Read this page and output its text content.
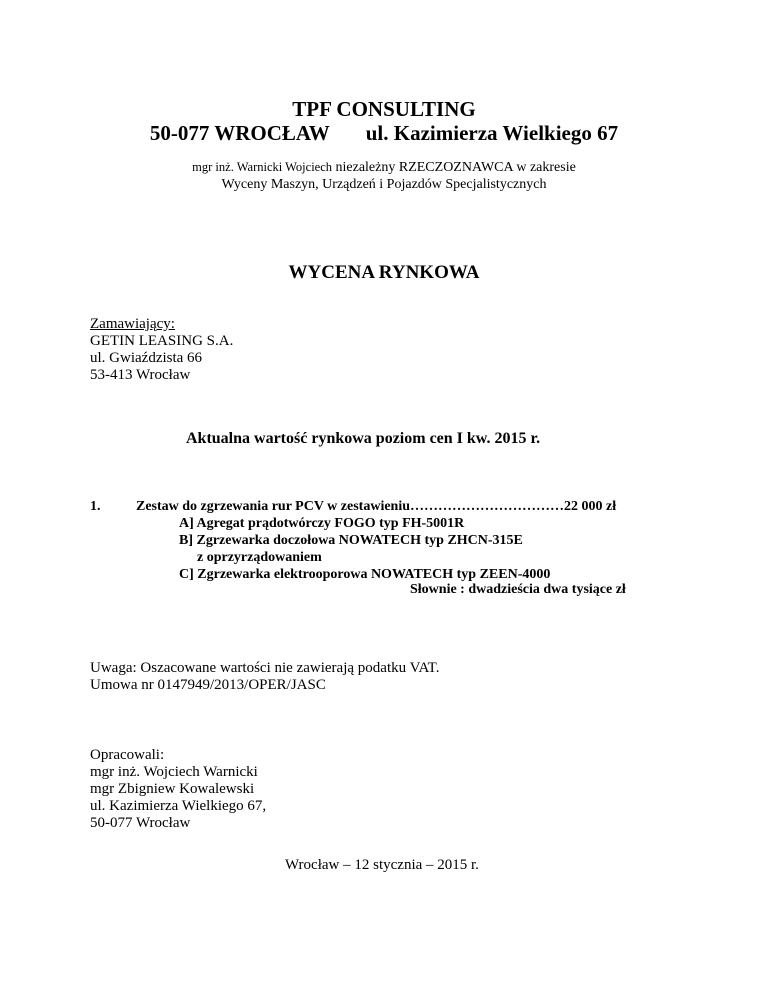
TPF CONSULTING
50-077 WROCŁAW ul. Kazimierza Wielkiego 67
mgr inż. Warnicki Wojciech niezależny RZECZOZNAWCA w zakresie
Wyceny Maszyn, Urządzeń i Pojazdów Specjalistycznych
WYCENA RYNKOWA
Zamawiający:
GETIN LEASING S.A.
ul. Gwiaździsta 66
53-413 Wrocław
Aktualna wartość rynkowa poziom cen I kw. 2015 r.
1.	Zestaw do zgrzewania rur PCV w zestawieniu……………………………22 000 zł
A] Agregat prądotwórczy FOGO typ FH-5001R
B] Zgrzewarka doczołowa NOWATECH typ ZHCN-315E
z oprzyrządowaniem
C] Zgrzewarka elektrooporowa NOWATECH typ ZEEN-4000
Słownie : dwadzieścia dwa tysiące zł
Uwaga: Oszacowane wartości nie zawierają podatku VAT.
Umowa nr 0147949/2013/OPER/JASC
Opracowali:
mgr inż. Wojciech Warnicki
mgr Zbigniew Kowalewski
ul. Kazimierza Wielkiego 67,
50-077 Wrocław
Wrocław – 12 stycznia – 2015 r.
